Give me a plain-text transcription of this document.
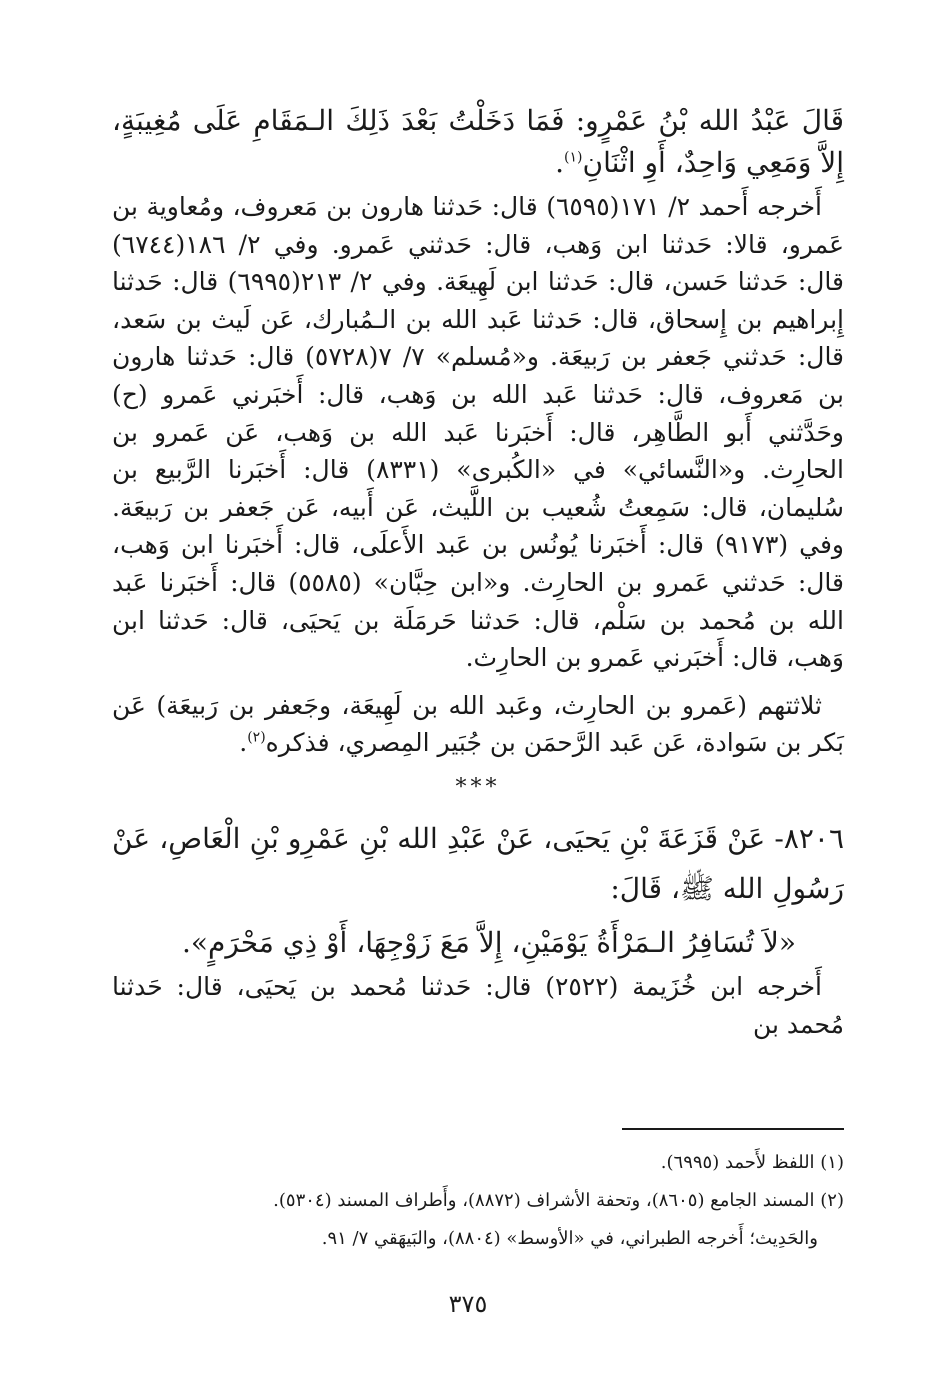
قَالَ عَبْدُ الله بْنُ عَمْرٍو: فَمَا دَخَلْتُ بَعْدَ ذَلِكَ الـمَقَامِ عَلَى مُغِيبَةٍ، إِلاَّ وَمَعِي وَاحِدٌ، أَوِ اثْنَانِ$^{(١)}$.

أَخرجه أَحمد ٢/ ١٧١(٦٥٩٥) قال: حَدثنا هارون بن مَعروف، ومُعاوية بن عَمرو، قالا: حَدثنا ابن وَهب، قال: حَدثني عَمرو. وفي ٢/ ١٨٦(٦٧٤٤) قال: حَدثنا حَسن، قال: حَدثنا ابن لَهِيعَة. وفي ٢/ ٢١٣(٦٩٩٥) قال: حَدثنا إِبراهيم بن إِسحاق، قال: حَدثنا عَبد الله بن الـمُبارك، عَن لَيث بن سَعد، قال: حَدثني جَعفر بن رَبيعَة. و«مُسلم» ٧/ ٧(٥٧٢٨) قال: حَدثنا هارون بن مَعروف، قال: حَدثنا عَبد الله بن وَهب، قال: أَخبَرني عَمرو (ح) وحَدَّثني أَبو الطَّاهِر، قال: أَخبَرنا عَبد الله بن وَهب، عَن عَمرو بن الحارِث. و«النَّسائي» في «الكُبرى» (٨٣٣١) قال: أَخبَرنا الرَّبيع بن سُليمان، قال: سَمِعتُ شُعيب بن اللَّيث، عَن أَبيه، عَن جَعفر بن رَبيعَة. وفي (٩١٧٣) قال: أَخبَرنا يُونُس بن عَبد الأَعلَى، قال: أَخبَرنا ابن وَهب، قال: حَدثني عَمرو بن الحارِث. و«ابن حِبَّان» (٥٥٨٥) قال: أَخبَرنا عَبد الله بن مُحمد بن سَلْم، قال: حَدثنا حَرمَلَة بن يَحيَى، قال: حَدثنا ابن وَهب، قال: أَخبَرني عَمرو بن الحارِث.

ثلاثتهم (عَمرو بن الحارِث، وعَبد الله بن لَهِيعَة، وجَعفر بن رَبيعَة) عَن بَكر بن سَوادة، عَن عَبد الرَّحمَن بن جُبَير المِصري، فذكره$^{(٢)}$.

***

٨٢٠٦- عَنْ قَزَعَةَ بْنِ يَحيَى، عَنْ عَبْدِ الله بْنِ عَمْرِو بْنِ الْعَاصِ، عَنْ رَسُولِ الله ﷺ، قَالَ:

«لاَ تُسَافِرُ الـمَرْأَةُ يَوْمَيْنِ، إِلاَّ مَعَ زَوْجِهَا، أَوْ ذِي مَحْرَمٍ».

أَخرجه ابن خُزَيمة (٢٥٢٢) قال: حَدثنا مُحمد بن يَحيَى، قال: حَدثنا مُحمد بن

(١) اللفظ لأَحمد (٦٩٩٥).

(٢) المسند الجامع (٨٦٠٥)، وتحفة الأشراف (٨٨٧٢)، وأَطراف المسند (٥٣٠٤).

والحَدِيث؛ أَخرجه الطبراني، في «الأوسط» (٨٨٠٤)، والبَيهَقي ٧/ ٩١.

٣٧٥
